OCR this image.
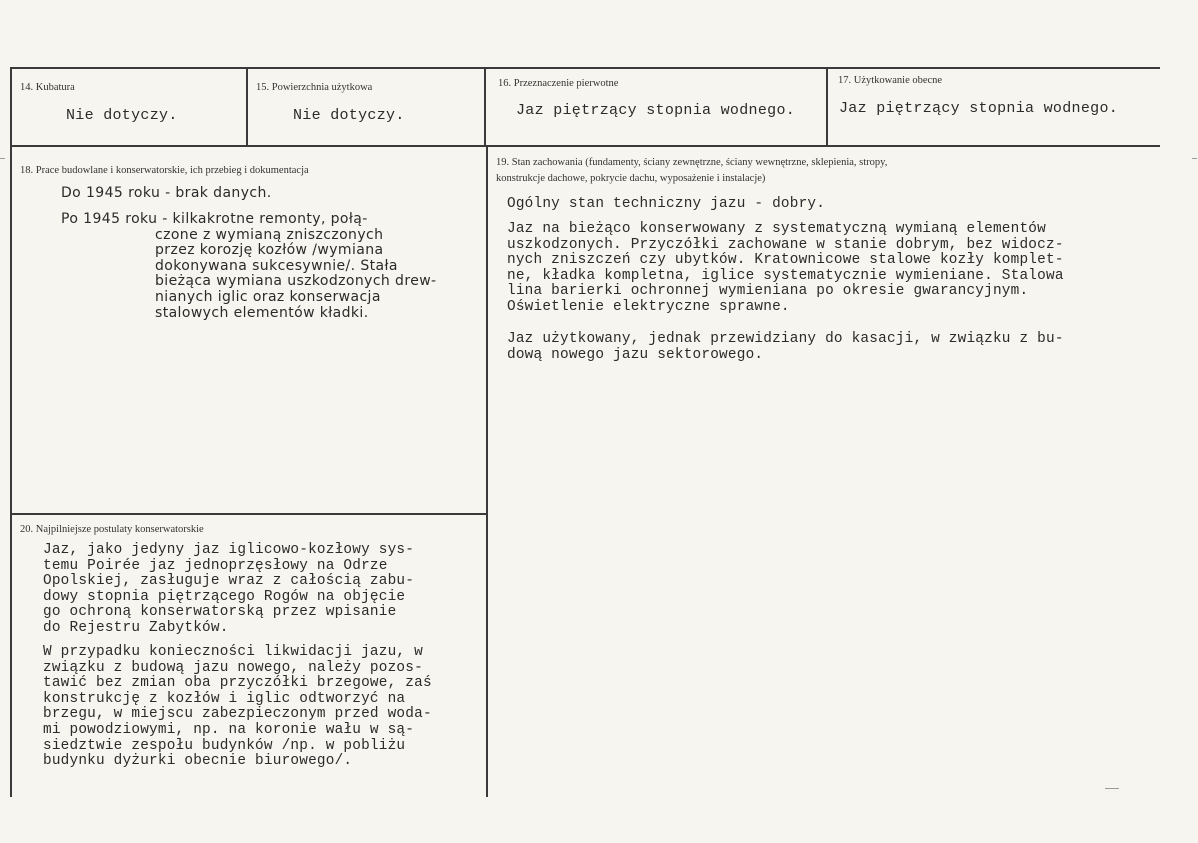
14. Kubatura
Nie dotyczy.
15. Powierzchnia użytkowa
Nie dotyczy.
16. Przeznaczenie pierwotne
Jaz piętrzący stopnia wodnego.
17. Użytkowanie obecne
Jaz piętrzący stopnia wodnego.
18. Prace budowlane i konserwatorskie, ich przebieg i dokumentacja
Do 1945 roku - brak danych.
Po 1945 roku - kilkakrotne remonty, połą-
czone z wymianą zniszczonych
przez korozję kozłów /wymiana
dokonywana sukcesywnie/. Stała
bieżąca wymiana uszkodzonych drew-
nianych iglic oraz konserwacja
stalowych elementów kładki.
19. Stan zachowania (fundamenty, ściany zewnętrzne, ściany wewnętrzne, sklepienia, stropy,
konstrukcje dachowe, pokrycie dachu, wyposażenie i instalacje)
Ogólny stan techniczny jazu - dobry.
Jaz na bieżąco konserwowany z systematyczną wymianą elementów
uszkodzonych. Przyczółki zachowane w stanie dobrym, bez widocz-
nych zniszczeń czy ubytków. Kratownicowe stalowe kozły komplet-
ne, kładka kompletna, iglice systematycznie wymieniane. Stalowa
lina barierki ochronnej wymieniana po okresie gwarancyjnym.
Oświetlenie elektryczne sprawne.
Jaz użytkowany, jednak przewidziany do kasacji, w związku z bu-
dową nowego jazu sektorowego.
20. Najpilniejsze postulaty konserwatorskie
Jaz, jako jedyny jaz iglicowo-kozłowy sys-
temu Poirée jaz jednoprzęsłowy na Odrze
Opolskiej, zasługuje wraz z całością zabu-
dowy stopnia piętrzącego Rogów na objęcie
go ochroną konserwatorską przez wpisanie
do Rejestru Zabytków.
W przypadku konieczności likwidacji jazu, w
związku z budową jazu nowego, należy pozos-
tawić bez zmian oba przyczółki brzegowe, zaś
konstrukcję z kozłów i iglic odtworzyć na
brzegu, w miejscu zabezpieczonym przed woda-
mi powodziowymi, np. na koronie wału w są-
siedztwie zespołu budynków /np. w pobliżu
budynku dyżurki obecnie biurowego/.
